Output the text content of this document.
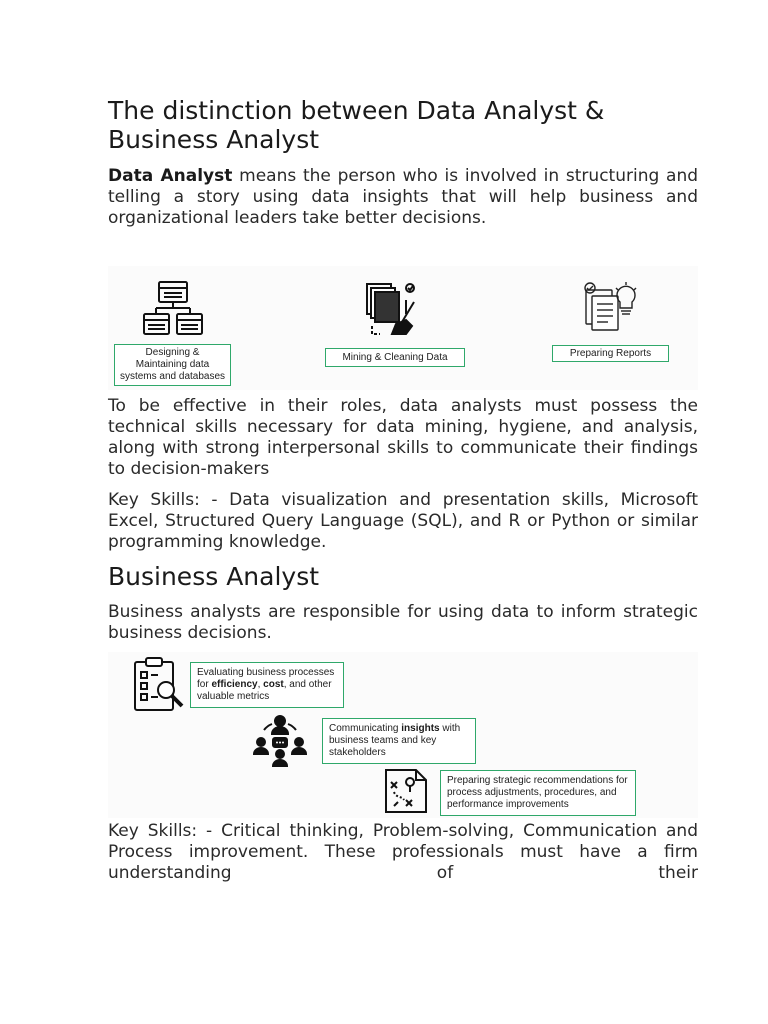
The distinction between Data Analyst & Business Analyst

Data Analyst means the person who is involved in structuring and telling a story using data insights that will help business and organizational leaders take better decisions.

Designing & Maintaining data systems and databases
Mining & Cleaning Data	Preparing Reports

To be effective in their roles, data analysts must possess the technical skills necessary for data mining, hygiene, and analysis, along with strong interpersonal skills to communicate their findings to decision-makers

Key Skills: - Data visualization and presentation skills, Microsoft Excel, Structured Query Language (SQL), and R or Python or similar programming knowledge.

Business Analyst

Business analysts are responsible for using data to inform strategic business decisions.

Evaluating business processes for efficiency, cost, and other valuable metrics
Communicating insights with business teams and key stakeholders
Preparing strategic recommendations for process adjustments, procedures, and performance improvements

Key Skills: - Critical thinking, Problem-solving, Communication and Process improvement. These professionals must have a firm understanding of their
